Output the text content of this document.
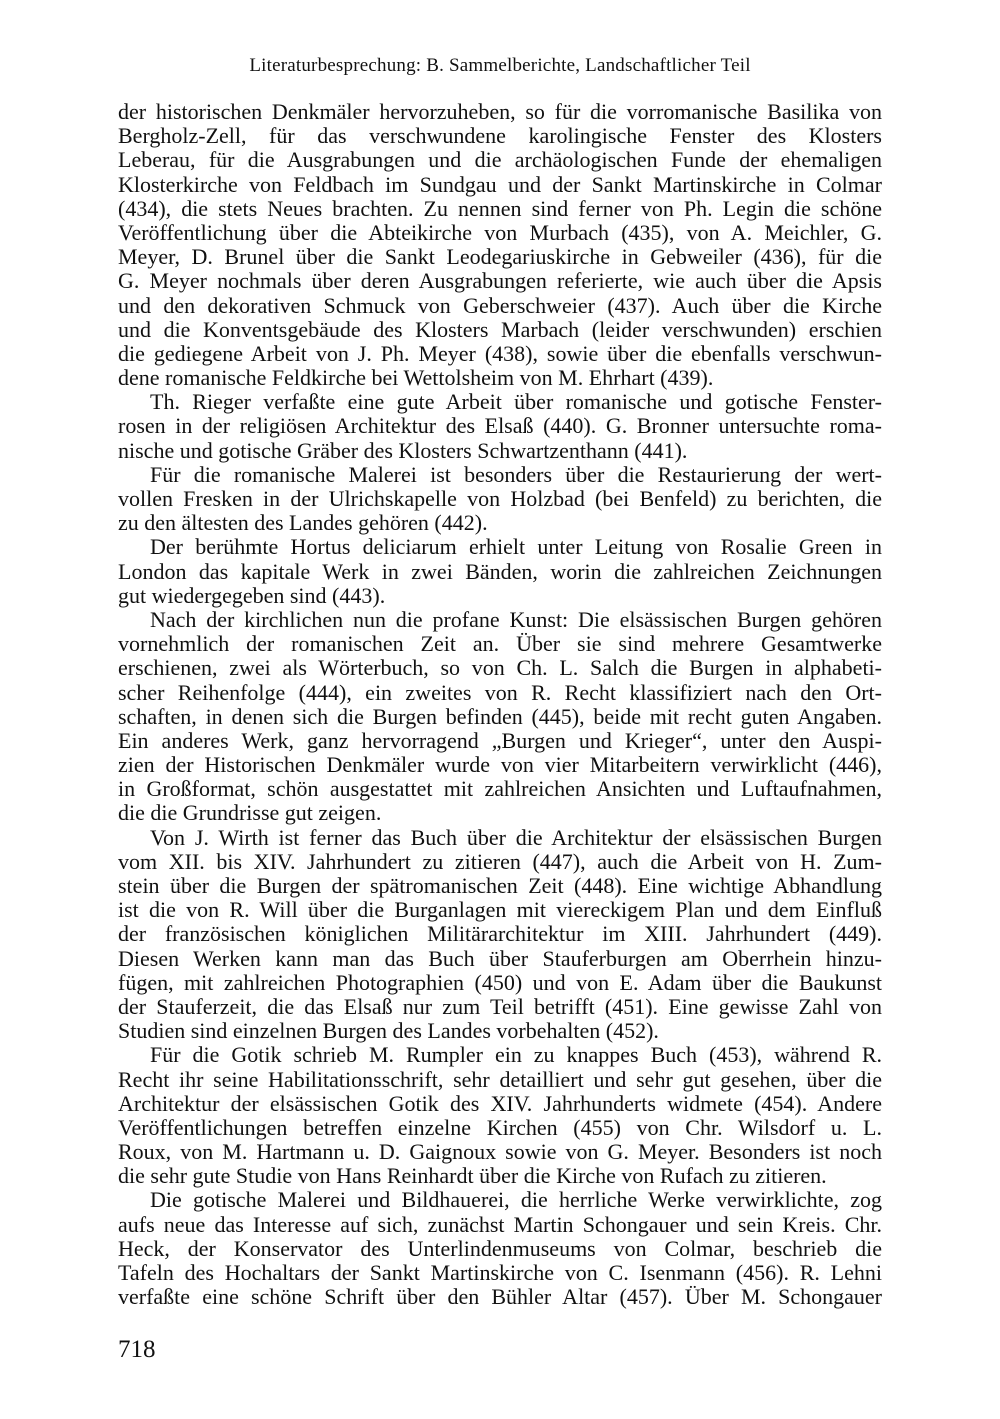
Literaturbesprechung: B. Sammelberichte, Landschaftlicher Teil
der historischen Denkmäler hervorzuheben, so für die vorromanische Basilika von
Bergholz-Zell, für das verschwundene karolingische Fenster des Klosters
Leberau, für die Ausgrabungen und die archäologischen Funde der ehemaligen
Klosterkirche von Feldbach im Sundgau und der Sankt Martinskirche in Colmar
(434), die stets Neues brachten. Zu nennen sind ferner von Ph. Legin die schöne
Veröffentlichung über die Abteikirche von Murbach (435), von A. Meichler, G.
Meyer, D. Brunel über die Sankt Leodegariuskirche in Gebweiler (436), für die
G. Meyer nochmals über deren Ausgrabungen referierte, wie auch über die Apsis
und den dekorativen Schmuck von Geberschweier (437). Auch über die Kirche
und die Konventsgebäude des Klosters Marbach (leider verschwunden) erschien
die gediegene Arbeit von J. Ph. Meyer (438), sowie über die ebenfalls verschwun-
dene romanische Feldkirche bei Wettolsheim von M. Ehrhart (439).
Th. Rieger verfaßte eine gute Arbeit über romanische und gotische Fenster-
rosen in der religiösen Architektur des Elsaß (440). G. Bronner untersuchte roma-
nische und gotische Gräber des Klosters Schwartzenthann (441).
Für die romanische Malerei ist besonders über die Restaurierung der wert-
vollen Fresken in der Ulrichskapelle von Holzbad (bei Benfeld) zu berichten, die
zu den ältesten des Landes gehören (442).
Der berühmte Hortus deliciarum erhielt unter Leitung von Rosalie Green in
London das kapitale Werk in zwei Bänden, worin die zahlreichen Zeichnungen
gut wiedergegeben sind (443).
Nach der kirchlichen nun die profane Kunst: Die elsässischen Burgen gehören
vornehmlich der romanischen Zeit an. Über sie sind mehrere Gesamtwerke
erschienen, zwei als Wörterbuch, so von Ch. L. Salch die Burgen in alphabeti-
scher Reihenfolge (444), ein zweites von R. Recht klassifiziert nach den Ort-
schaften, in denen sich die Burgen befinden (445), beide mit recht guten Angaben.
Ein anderes Werk, ganz hervorragend „Burgen und Krieger“, unter den Auspi-
zien der Historischen Denkmäler wurde von vier Mitarbeitern verwirklicht (446),
in Großformat, schön ausgestattet mit zahlreichen Ansichten und Luftaufnahmen,
die die Grundrisse gut zeigen.
Von J. Wirth ist ferner das Buch über die Architektur der elsässischen Burgen
vom XII. bis XIV. Jahrhundert zu zitieren (447), auch die Arbeit von H. Zum-
stein über die Burgen der spätromanischen Zeit (448). Eine wichtige Abhandlung
ist die von R. Will über die Burganlagen mit viereckigem Plan und dem Einfluß
der französischen königlichen Militärarchitektur im XIII. Jahrhundert (449).
Diesen Werken kann man das Buch über Stauferburgen am Oberrhein hinzu-
fügen, mit zahlreichen Photographien (450) und von E. Adam über die Baukunst
der Stauferzeit, die das Elsaß nur zum Teil betrifft (451). Eine gewisse Zahl von
Studien sind einzelnen Burgen des Landes vorbehalten (452).
Für die Gotik schrieb M. Rumpler ein zu knappes Buch (453), während R.
Recht ihr seine Habilitationsschrift, sehr detailliert und sehr gut gesehen, über die
Architektur der elsässischen Gotik des XIV. Jahrhunderts widmete (454). Andere
Veröffentlichungen betreffen einzelne Kirchen (455) von Chr. Wilsdorf u. L.
Roux, von M. Hartmann u. D. Gaignoux sowie von G. Meyer. Besonders ist noch
die sehr gute Studie von Hans Reinhardt über die Kirche von Rufach zu zitieren.
Die gotische Malerei und Bildhauerei, die herrliche Werke verwirklichte, zog
aufs neue das Interesse auf sich, zunächst Martin Schongauer und sein Kreis. Chr.
Heck, der Konservator des Unterlindenmuseums von Colmar, beschrieb die
Tafeln des Hochaltars der Sankt Martinskirche von C. Isenmann (456). R. Lehni
verfaßte eine schöne Schrift über den Bühler Altar (457). Über M. Schongauer
718
